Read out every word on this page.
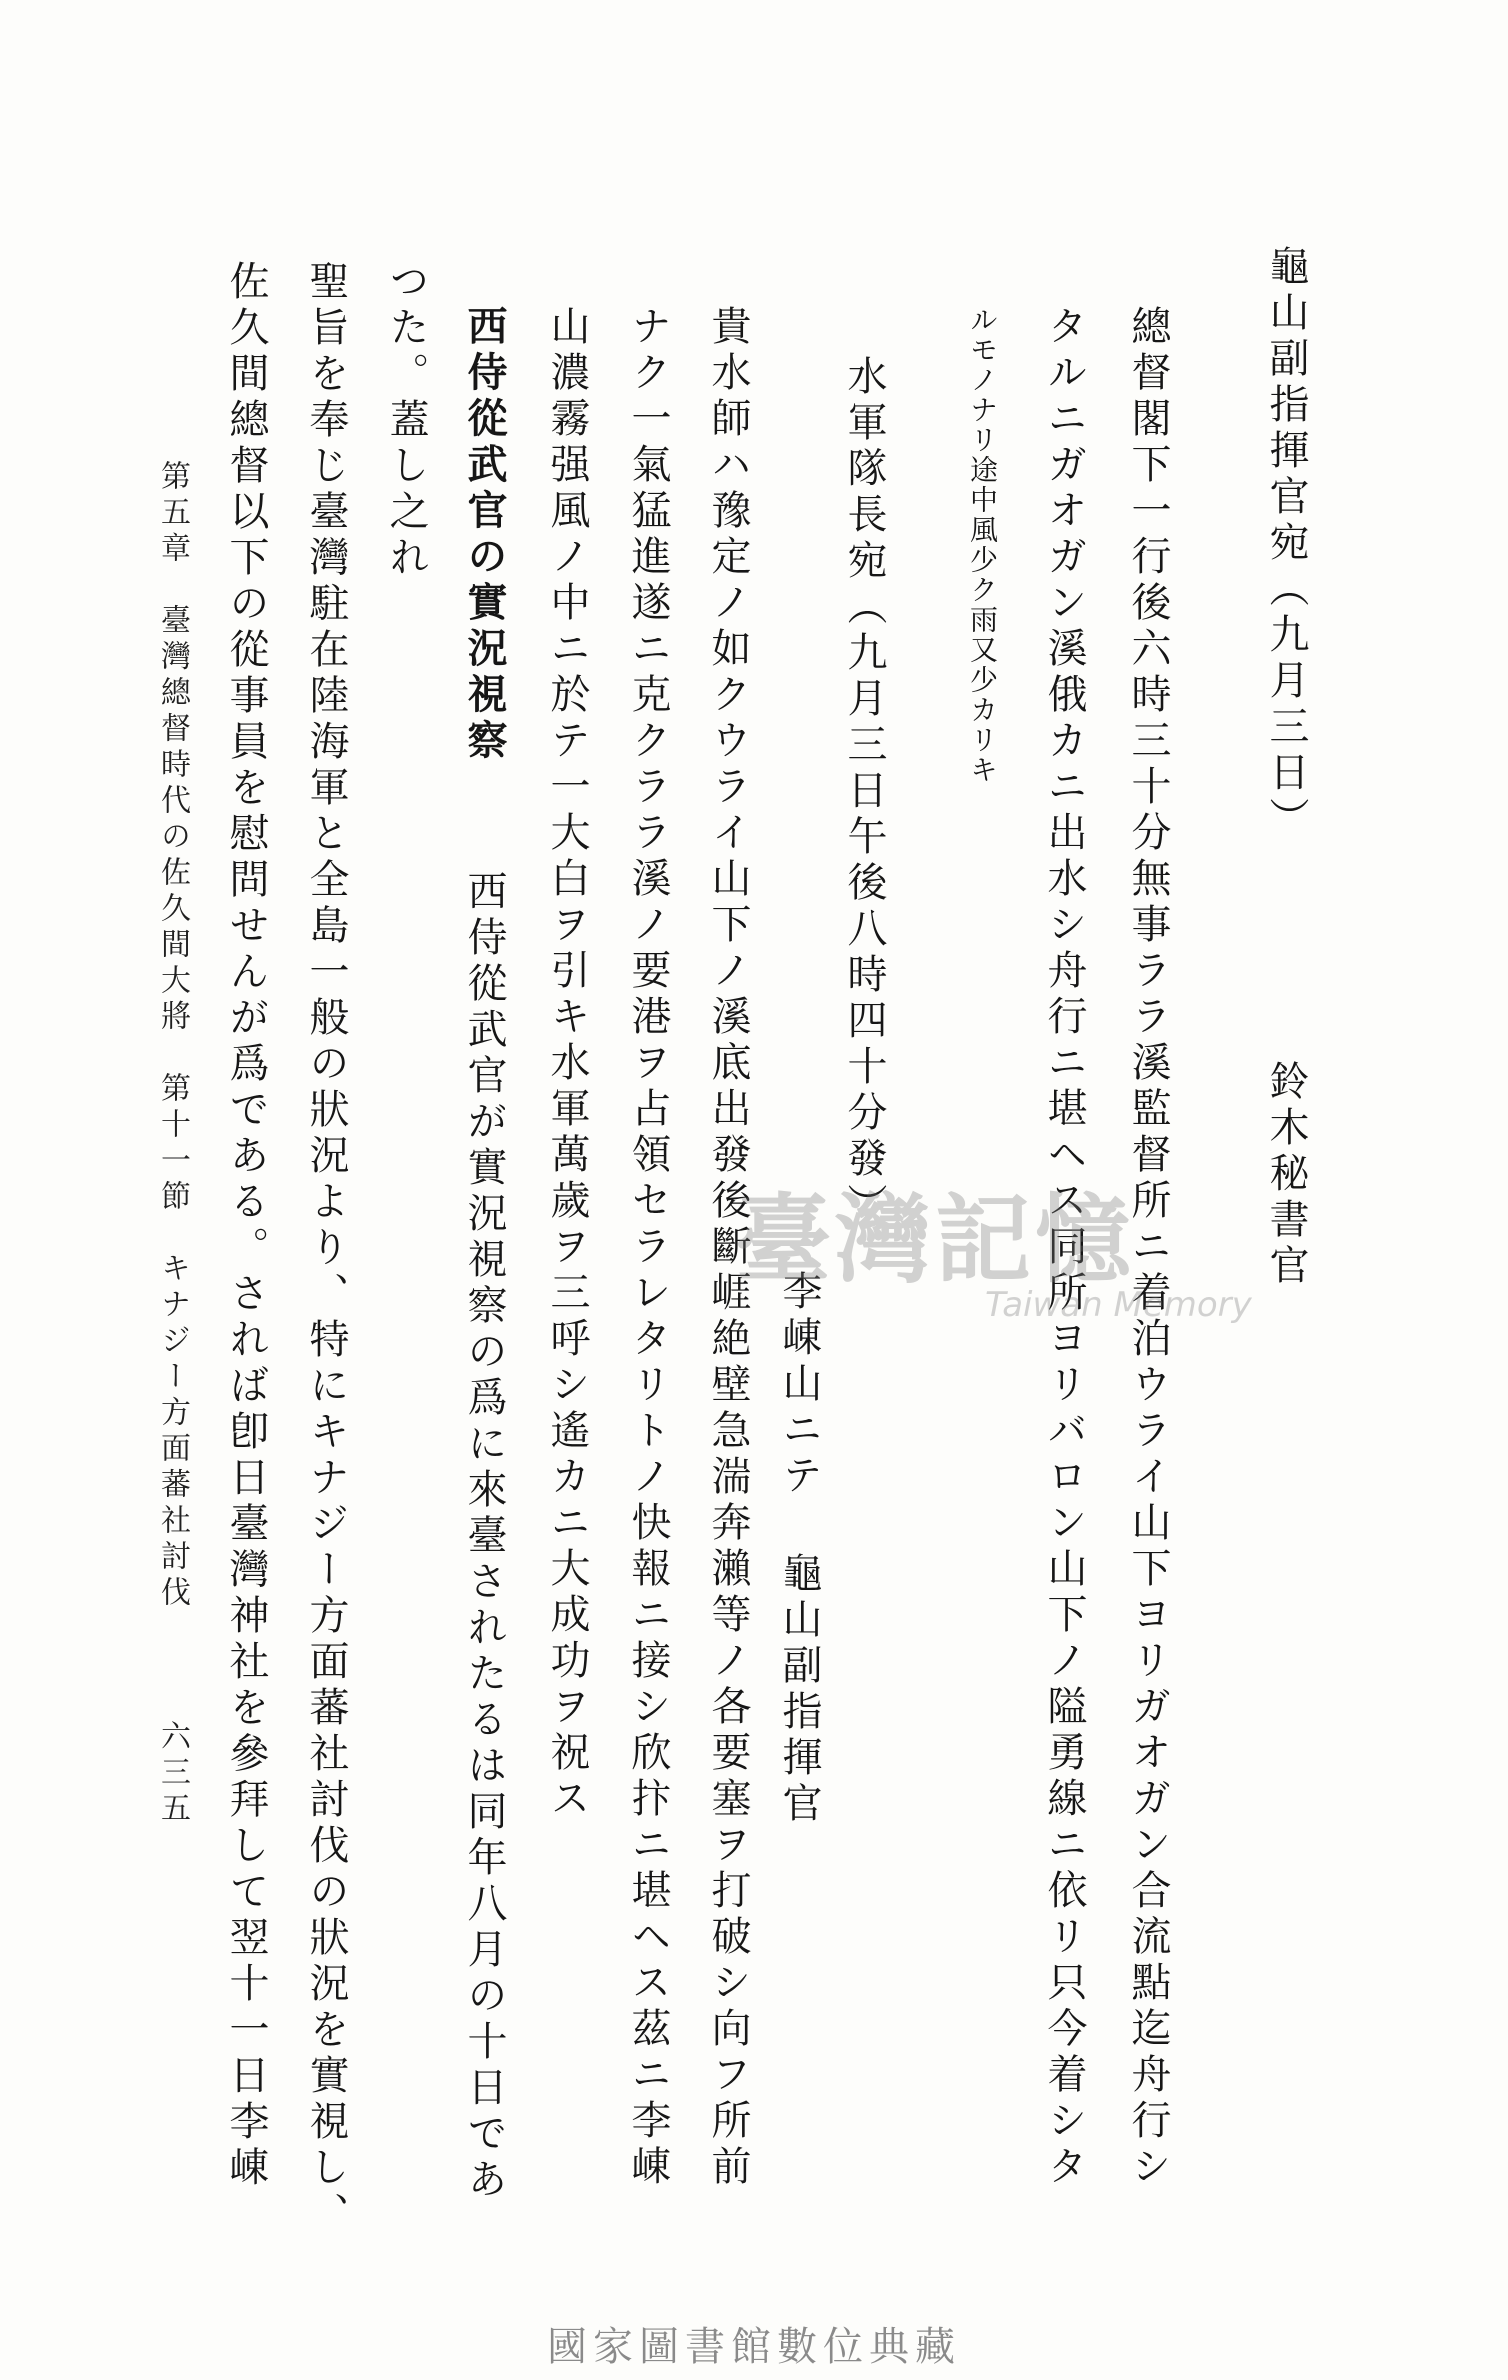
龜山副指揮官宛（九月三日）
鈴木秘書官
總督閣下一行後六時三十分無事ララ溪監督所ニ着泊ウライ山下ヨリガオガン合流點迄舟行シ
タルニガオガン溪俄カニ出水シ舟行ニ堪ヘス同所ヨリバロン山下ノ隘勇線ニ依リ只今着シタ
ルモノナリ途中風少ク雨又少カリキ
水軍隊長宛（九月三日午後八時四十分發）
李崠山ニテ 龜山副指揮官
貴水師ハ豫定ノ如クウライ山下ノ溪底出發後斷崕絶壁急湍奔瀨等ノ各要塞ヲ打破シ向フ所前
ナク一氣猛進遂ニ克クララ溪ノ要港ヲ占領セラレタリトノ快報ニ接シ欣抃ニ堪ヘス茲ニ李崠
山濃霧强風ノ中ニ於テ一大白ヲ引キ水軍萬歲ヲ三呼シ遙カニ大成功ヲ祝ス
西侍從武官の實況視察
西侍從武官が實況視察の爲に來臺されたるは同年八月の十日であ
つた。蓋し之れ
聖旨を奉じ臺灣駐在陸海軍と全島一般の狀況より、特にキナジー方面蕃社討伐の狀況を實視し、
佐久間總督以下の從事員を慰問せんが爲である。されば卽日臺灣神社を參拜して翌十一日李崠
第五章　臺灣總督時代の佐久間大將　第十一節　キナジー方面蕃社討伐
六三五
臺灣記憶
Taiwan Memory
國家圖書館數位典藏
